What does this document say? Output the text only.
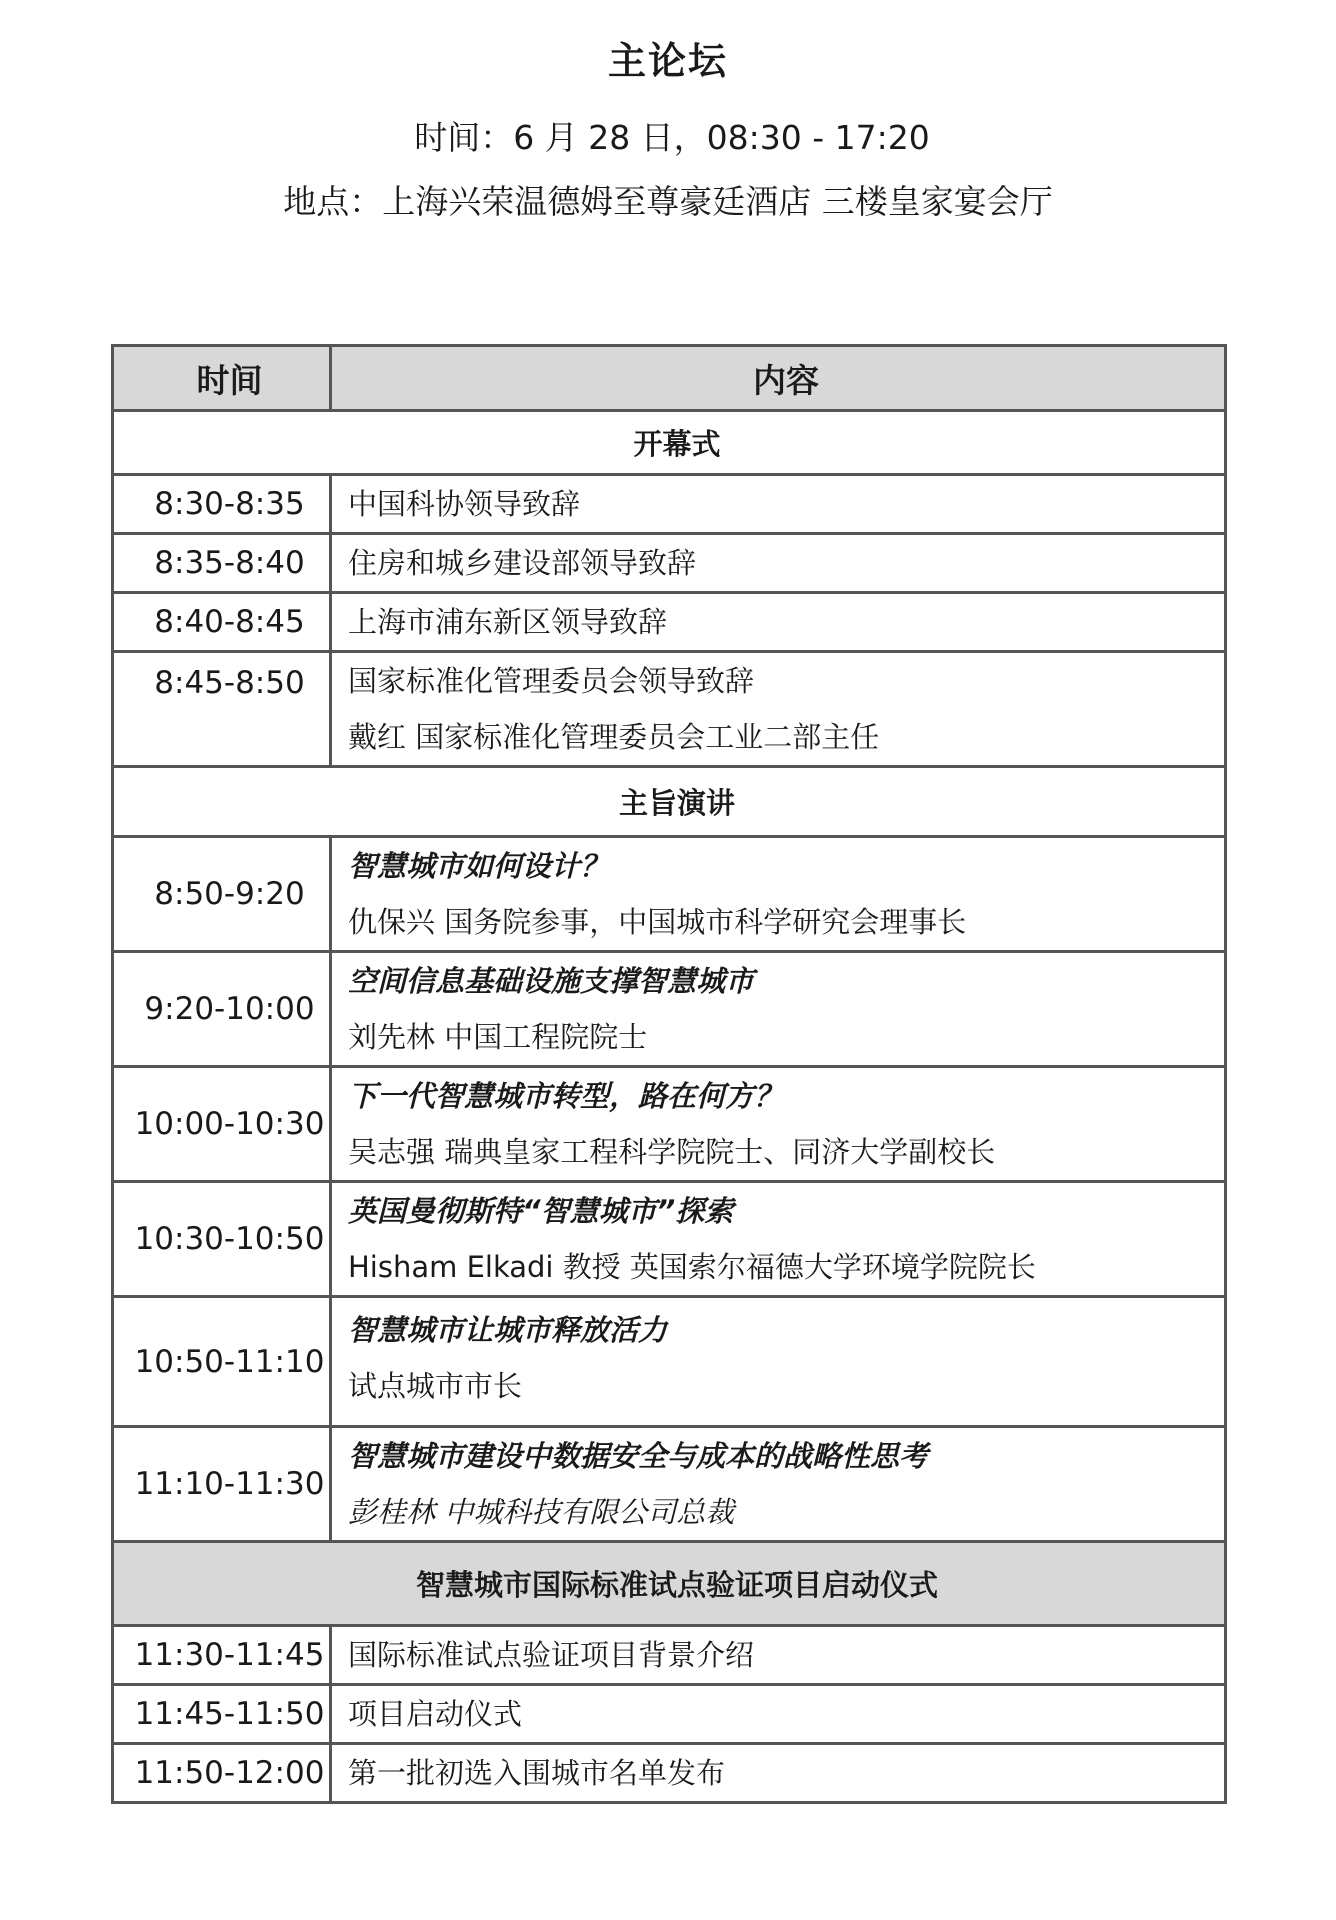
主论坛
时间：6 月 28 日，08:30 - 17:20
地点：上海兴荣温德姆至尊豪廷酒店 三楼皇家宴会厅
时间	内容
开幕式	
8:30-8:35	中国科协领导致辞

8:35-8:40	住房和城乡建设部领导致辞

8:40-8:45	上海市浦东新区领导致辞

8:45-8:50	国家标准化管理委员会领导致辞
戴红 国家标准化管理委员会工业二部主任

主旨演讲	
8:50-9:20	智慧城市如何设计？
仇保兴 国务院参事，中国城市科学研究会理事长

9:20-10:00	空间信息基础设施支撑智慧城市
刘先林 中国工程院院士

10:00-10:30	下一代智慧城市转型，路在何方？
吴志强 瑞典皇家工程科学院院士、同济大学副校长

10:30-10:50	英国曼彻斯特“智慧城市”探索
Hisham Elkadi 教授 英国索尔福德大学环境学院院长

10:50-11:10	智慧城市让城市释放活力
试点城市市长

11:10-11:30	智慧城市建设中数据安全与成本的战略性思考
彭桂林 中城科技有限公司总裁

智慧城市国际标准试点验证项目启动仪式	
11:30-11:45	国际标准试点验证项目背景介绍

11:45-11:50	项目启动仪式

11:50-12:00	第一批初选入围城市名单发布
